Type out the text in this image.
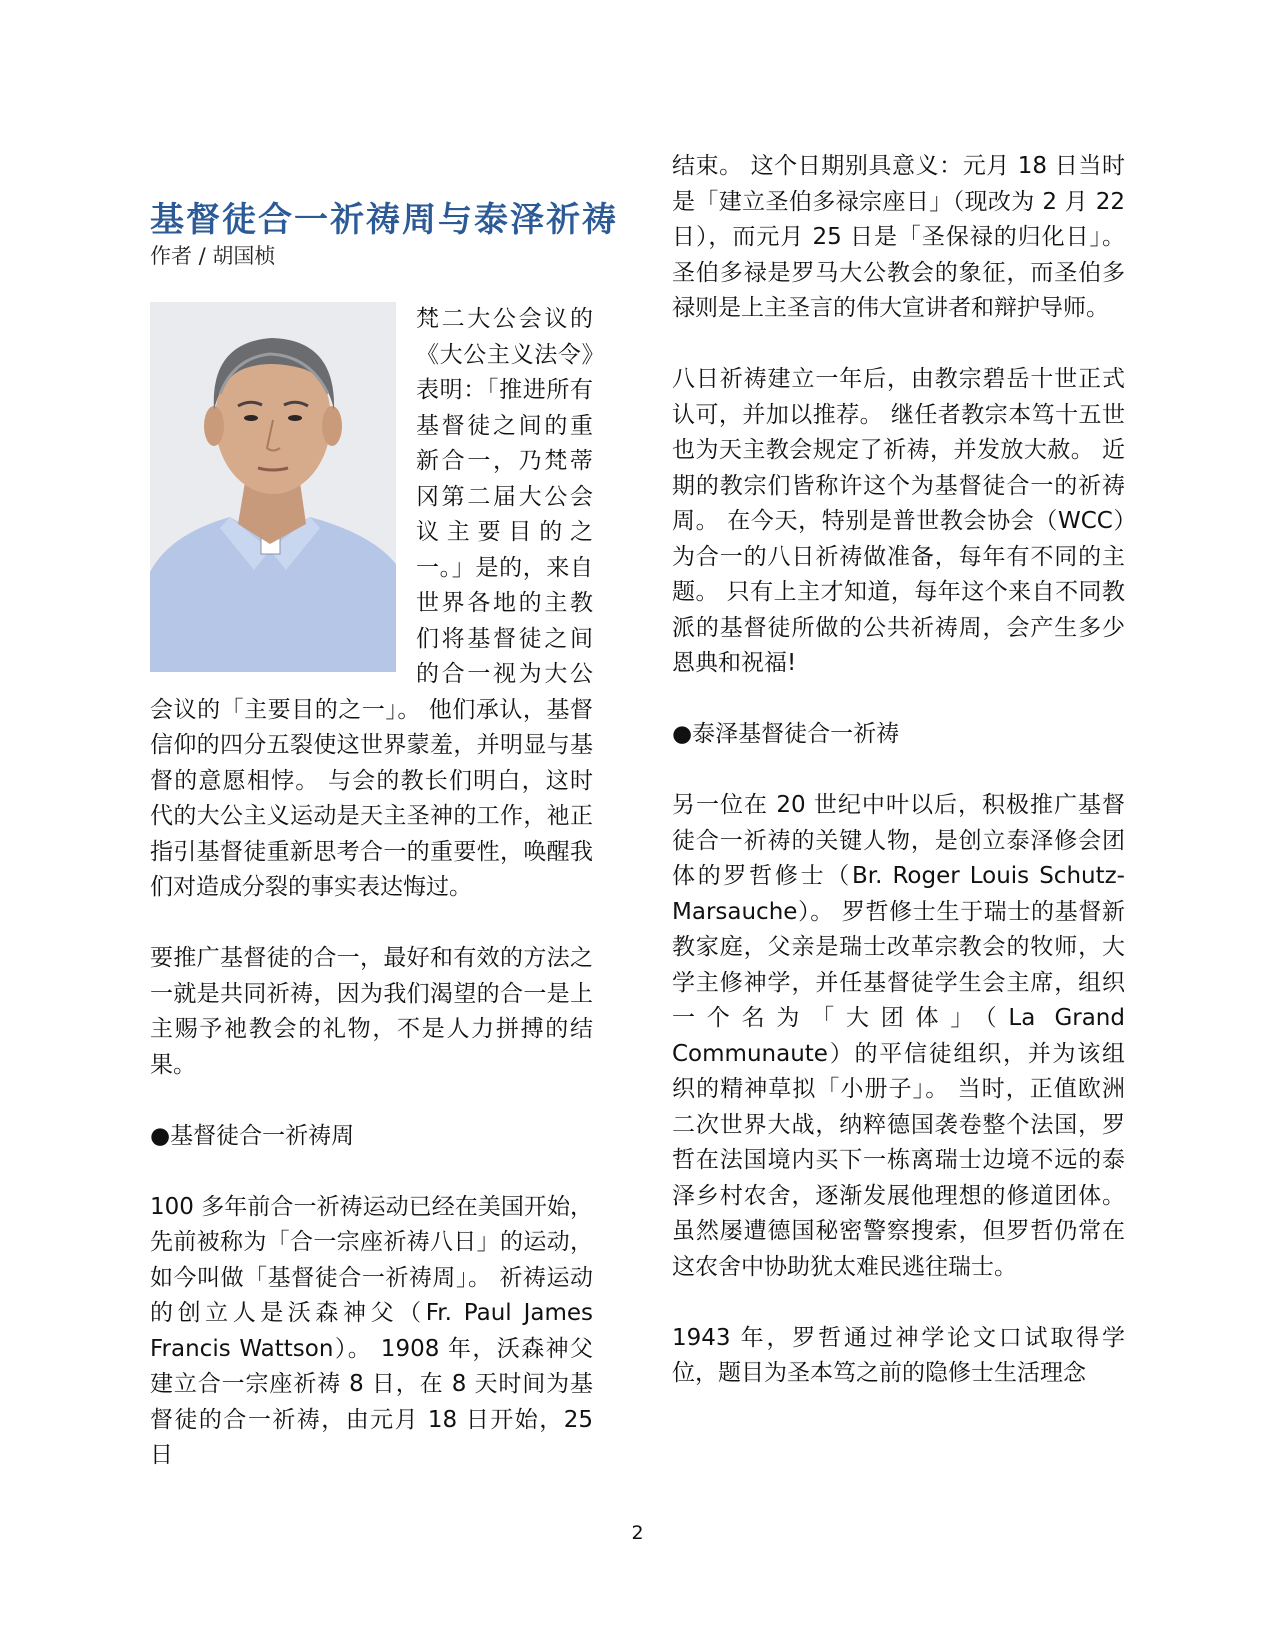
基督徒合一祈祷周与泰泽祈祷
作者 / 胡国桢

梵二大公会议的《大公主义法令》表明：「推进所有基督徒之间的重新合一，乃梵蒂冈第二届大公会议主要目的之一。」是的，来自世界各地的主教们将基督徒之间的合一视为大公会议的「主要目的之一」。 他们承认，基督信仰的四分五裂使这世界蒙羞，并明显与基督的意愿相悖。 与会的教长们明白，这时代的大公主义运动是天主圣神的工作，祂正指引基督徒重新思考合一的重要性，唤醒我们对造成分裂的事实表达悔过。

要推广基督徒的合一，最好和有效的方法之一就是共同祈祷，因为我们渴望的合一是上主赐予祂教会的礼物，不是人力拼搏的结果。

●基督徒合一祈祷周

100 多年前合一祈祷运动已经在美国开始，先前被称为「合一宗座祈祷八日」的运动，如今叫做「基督徒合一祈祷周」。 祈祷运动的创立人是沃森神父（Fr. Paul James Francis Wattson）。 1908 年，沃森神父建立合一宗座祈祷 8 日，在 8 天时间为基督徒的合一祈祷，由元月 18 日开始，25 日

结束。 这个日期别具意义：元月 18 日当时是「建立圣伯多禄宗座日」（现改为 2 月 22 日），而元月 25 日是「圣保禄的归化日」。 圣伯多禄是罗马大公教会的象征，而圣伯多禄则是上主圣言的伟大宣讲者和辩护导师。

八日祈祷建立一年后，由教宗碧岳十世正式认可，并加以推荐。 继任者教宗本笃十五世也为天主教会规定了祈祷，并发放大赦。 近期的教宗们皆称许这个为基督徒合一的祈祷周。 在今天，特别是普世教会协会（WCC）为合一的八日祈祷做准备，每年有不同的主题。 只有上主才知道，每年这个来自不同教派的基督徒所做的公共祈祷周，会产生多少恩典和祝福!

●泰泽基督徒合一祈祷

另一位在 20 世纪中叶以后，积极推广基督徒合一祈祷的关键人物，是创立泰泽修会团体的罗哲修士（Br. Roger Louis Schutz-Marsauche）。 罗哲修士生于瑞士的基督新教家庭，父亲是瑞士改革宗教会的牧师，大学主修神学，并任基督徒学生会主席，组织一个名为「大团体」（La Grand Communaute）的平信徒组织，并为该组织的精神草拟「小册子」。 当时，正值欧洲二次世界大战，纳粹德国袭卷整个法国，罗哲在法国境内买下一栋离瑞士边境不远的泰泽乡村农舍，逐渐发展他理想的修道团体。 虽然屡遭德国秘密警察搜索，但罗哲仍常在这农舍中协助犹太难民逃往瑞士。

1943 年，罗哲通过神学论文口试取得学位，题目为圣本笃之前的隐修士生活理念

2
